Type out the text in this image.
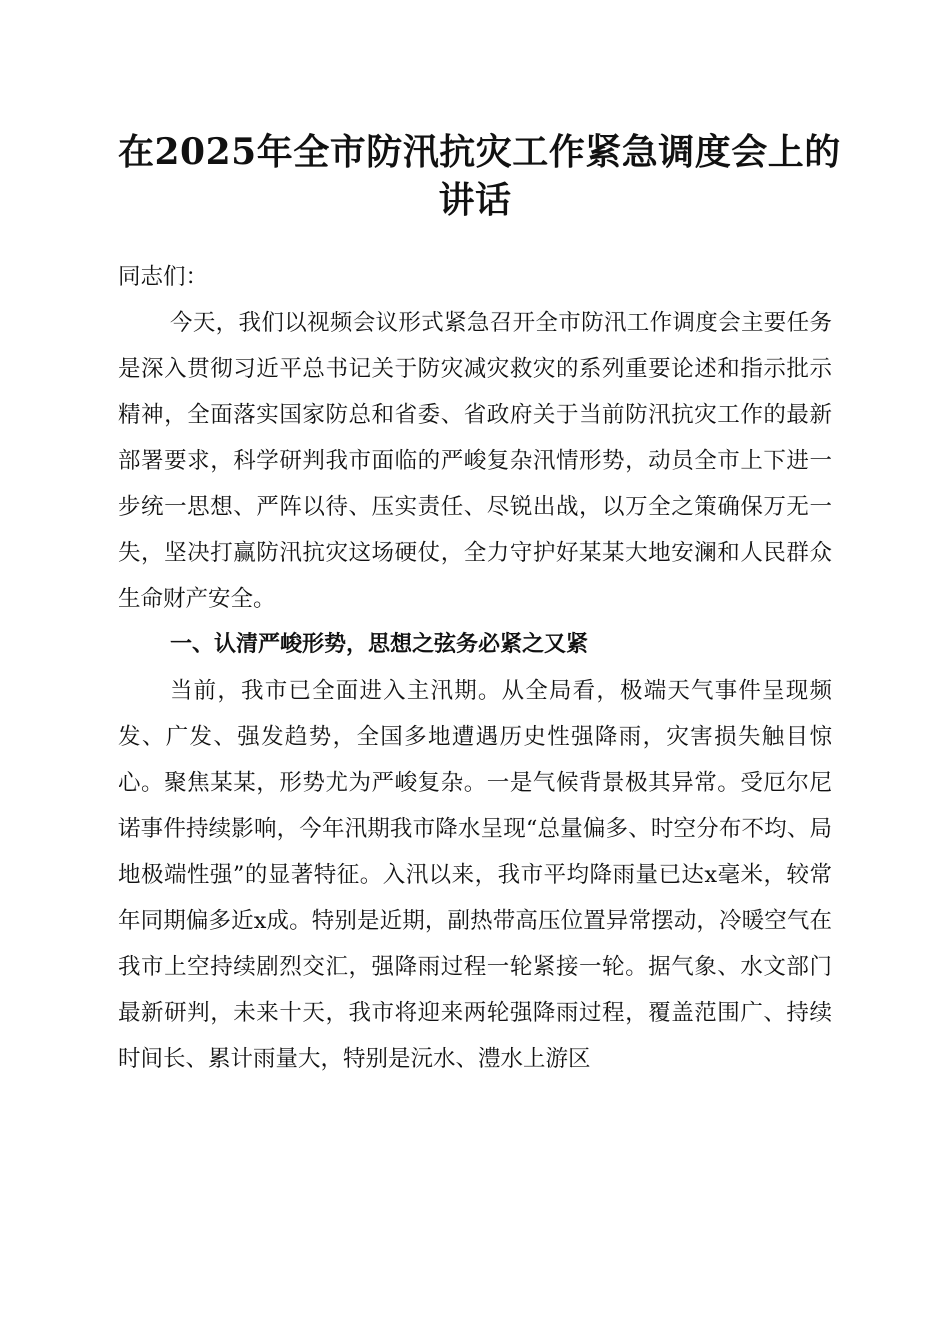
在2025年全市防汛抗灾工作紧急调度会上的
讲话
同志们：

今天，我们以视频会议形式紧急召开全市防汛工作调度会主要任务是深入贯彻习近平总书记关于防灾减灾救灾的系列重要论述和指示批示精神，全面落实国家防总和省委、省政府关于当前防汛抗灾工作的最新部署要求，科学研判我市面临的严峻复杂汛情形势，动员全市上下进一步统一思想、严阵以待、压实责任、尽锐出战，以万全之策确保万无一失，坚决打赢防汛抗灾这场硬仗，全力守护好某某大地安澜和人民群众生命财产安全。

一、认清严峻形势，思想之弦务必紧之又紧

当前，我市已全面进入主汛期。从全局看，极端天气事件呈现频发、广发、强发趋势，全国多地遭遇历史性强降雨，灾害损失触目惊心。聚焦某某，形势尤为严峻复杂。一是气候背景极其异常。受厄尔尼诺事件持续影响，今年汛期我市降水呈现“总量偏多、时空分布不均、局地极端性强”的显著特征。入汛以来，我市平均降雨量已达x毫米，较常年同期偏多近x成。特别是近期，副热带高压位置异常摆动，冷暖空气在我市上空持续剧烈交汇，强降雨过程一轮紧接一轮。据气象、水文部门最新研判，未来十天，我市将迎来两轮强降雨过程，覆盖范围广、持续时间长、累计雨量大，特别是沅水、澧水上游区
